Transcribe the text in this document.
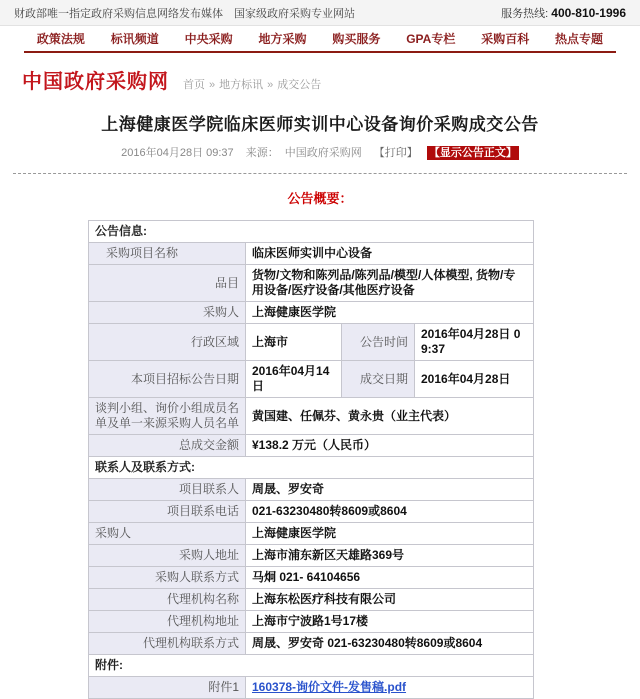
财政部唯一指定政府采购信息网络发布媒体　国家级政府采购专业网站	服务热线: 400-810-1996
政策法规 标讯频道 中央采购 地方采购 购买服务 GPA专栏 采购百科 热点专题
中国政府采购网 首页 » 地方标讯 » 成交公告
上海健康医学院临床医师实训中心设备询价采购成交公告
2016年04月28日 09:37 来源： 中国政府采购网 【打印】 【显示公告正文】
公告概要：
公告信息:			
采购项目名称	临床医师实训中心设备		
品目	货物/文物和陈列品/陈列品/模型/人体模型, 货物/专用设备/医疗设备/其他医疗设备		
采购人	上海健康医学院		
行政区域	上海市	公告时间	2016年04月28日 09:37
本项目招标公告日期	2016年04月14日	成交日期	2016年04月28日
谈判小组、询价小组成员名单及单一来源采购人员名单	黄国建、任佩芬、黄永贵（业主代表）		
总成交金额	¥138.2 万元（人民币）		
联系人及联系方式:			
项目联系人	周晟、罗安奇		
项目联系电话	021-63230480转8609或8604		
采购人	上海健康医学院		
采购人地址	上海市浦东新区天雄路369号		
采购人联系方式	马炯 021- 64104656		
代理机构名称	上海东松医疗科技有限公司		
代理机构地址	上海市宁波路1号17楼		
代理机构联系方式	周晟、罗安奇 021-63230480转8609或8604		
附件:			
附件1	160378-询价文件-发售稿.pdf		
